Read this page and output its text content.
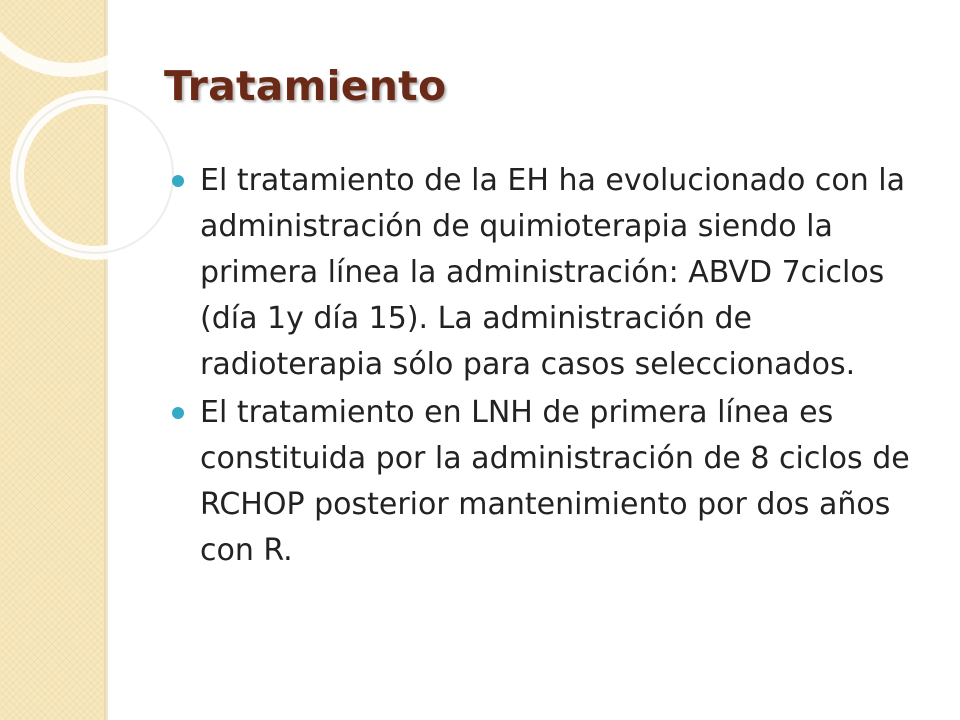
Tratamiento
El tratamiento de la EH ha evolucionado con la administración de quimioterapia siendo la primera línea la administración: ABVD 7ciclos (día 1y día 15). La administración de radioterapia sólo para casos seleccionados.
El tratamiento en LNH de primera línea es constituida por la administración de 8 ciclos de RCHOP posterior mantenimiento por dos años con R.
